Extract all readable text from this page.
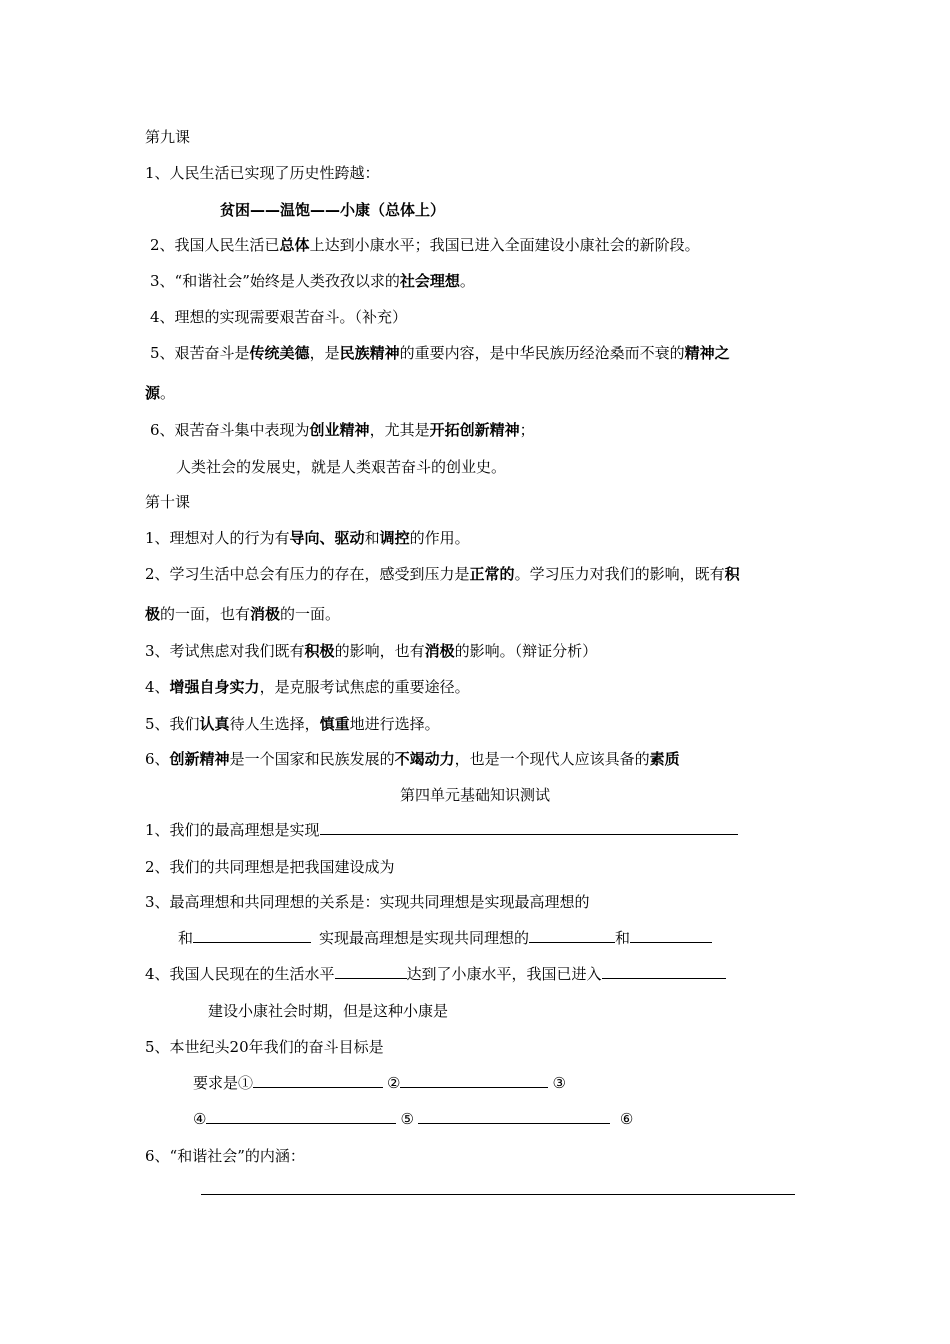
第九课
1、人民生活已实现了历史性跨越：
贫困——温饱——小康（总体上）
2、我国人民生活已总体上达到小康水平；我国已进入全面建设小康社会的新阶段。
3、“和谐社会”始终是人类孜孜以求的社会理想。
4、理想的实现需要艰苦奋斗。（补充）
5、艰苦奋斗是传统美德，是民族精神的重要内容，是中华民族历经沧桑而不衰的精神之
源。
6、艰苦奋斗集中表现为创业精神，尤其是开拓创新精神；
人类社会的发展史，就是人类艰苦奋斗的创业史。
第十课
1、理想对人的行为有导向、驱动和调控的作用。
2、学习生活中总会有压力的存在，感受到压力是正常的。学习压力对我们的影响，既有积
极的一面，也有消极的一面。
3、考试焦虑对我们既有积极的影响，也有消极的影响。（辩证分析）
4、增强自身实力，是克服考试焦虑的重要途径。
5、我们认真待人生选择，慎重地进行选择。
6、创新精神是一个国家和民族发展的不竭动力，也是一个现代人应该具备的素质
第四单元基础知识测试
1、我们的最高理想是实现
2、我们的共同理想是把我国建设成为
3、最高理想和共同理想的关系是：实现共同理想是实现最高理想的
和	实现最高理想是实现共同理想的	和
4、我国人民现在的生活水平	达到了小康水平，我国已进入
建设小康社会时期，但是这种小康是
5、本世纪头20年我们的奋斗目标是
要求是①	②	③
④	⑤	⑥
6、“和谐社会”的内涵：
